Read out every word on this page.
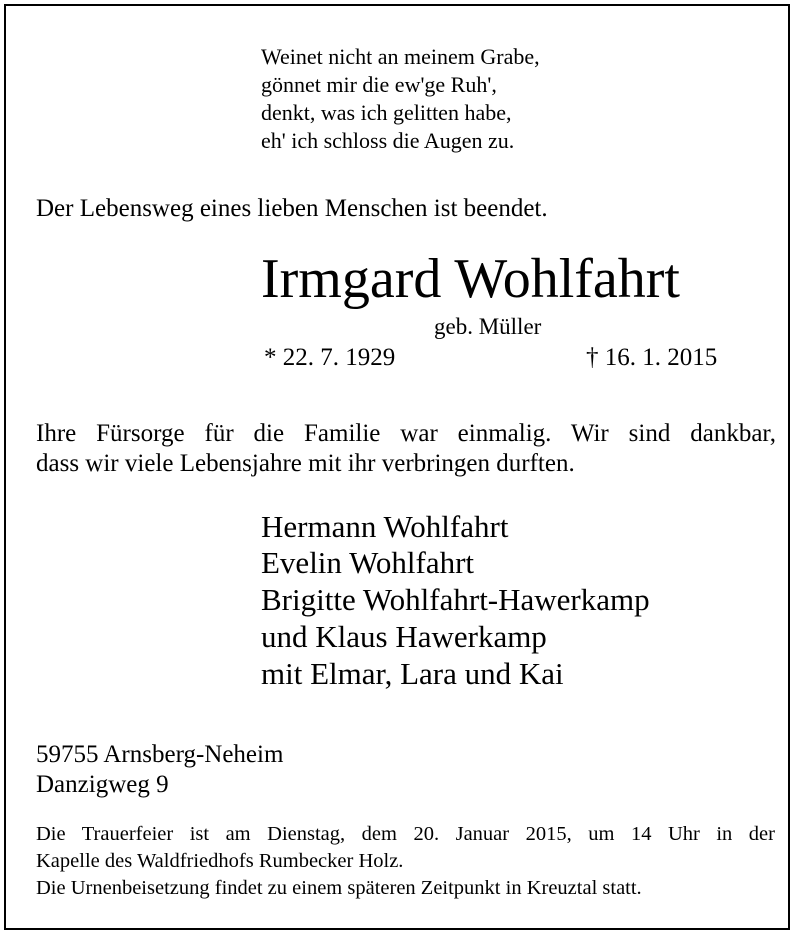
Weinet nicht an meinem Grabe,
gönnet mir die ew'ge Ruh',
denkt, was ich gelitten habe,
eh' ich schloss die Augen zu.
Der Lebensweg eines lieben Menschen ist beendet.
Irmgard Wohlfahrt
geb. Müller
* 22. 7. 1929	† 16. 1. 2015
Ihre Fürsorge für die Familie war einmalig. Wir sind dankbar,
dass wir viele Lebensjahre mit ihr verbringen durften.
Hermann Wohlfahrt
Evelin Wohlfahrt
Brigitte Wohlfahrt-Hawerkamp
und Klaus Hawerkamp
mit Elmar, Lara und Kai
59755 Arnsberg-Neheim
Danzigweg 9
Die Trauerfeier ist am Dienstag, dem 20. Januar 2015, um 14 Uhr in der
Kapelle des Waldfriedhofs Rumbecker Holz.
Die Urnenbeisetzung findet zu einem späteren Zeitpunkt in Kreuztal statt.
